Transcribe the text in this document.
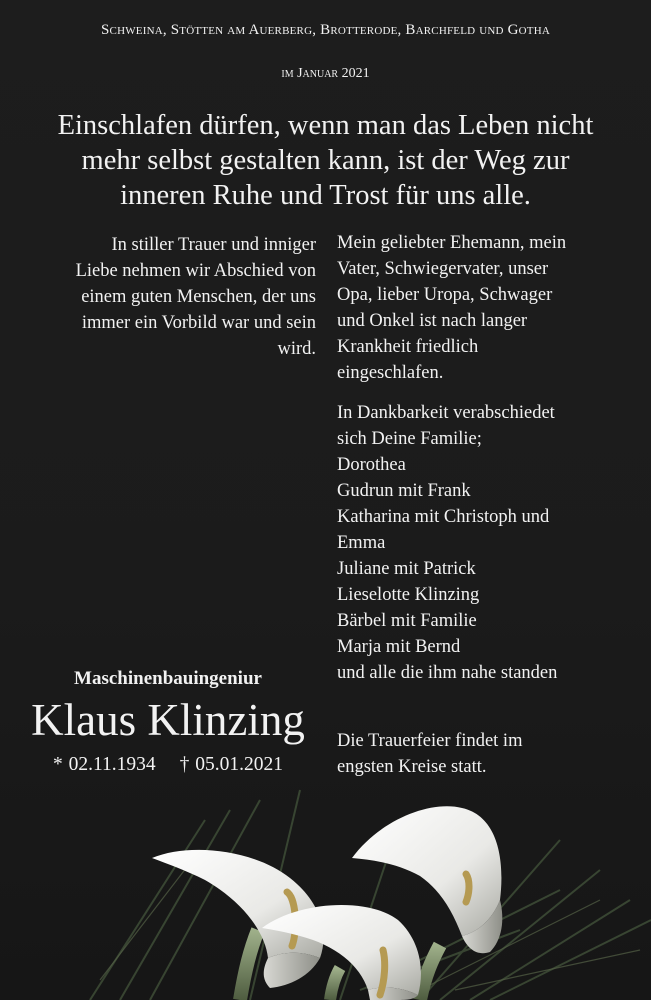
Schweina, Stötten am Auerberg, Brotterode, Barchfeld und Gotha
im Januar 2021
Einschlafen dürfen, wenn man das Leben nicht
mehr selbst gestalten kann, ist der Weg zur
inneren Ruhe und Trost für uns alle.
In stiller Trauer und inniger
Liebe nehmen wir Abschied von
einem guten Menschen, der uns
immer ein Vorbild war und sein
wird.
Mein geliebter Ehemann, mein
Vater, Schwiegervater, unser
Opa, lieber Uropa, Schwager
und Onkel ist nach langer
Krankheit friedlich
eingeschlafen.
In Dankbarkeit verabschiedet
sich Deine Familie;
Dorothea
Gudrun mit Frank
Katharina mit Christoph und
Emma
Juliane mit Patrick
Lieselotte Klinzing
Bärbel mit Familie
Marja mit Bernd
und alle die ihm nahe standen
Die Trauerfeier findet im
engsten Kreise statt.
Maschinenbauingeniur
Klaus Klinzing
* 02.11.1934 † 05.01.2021
